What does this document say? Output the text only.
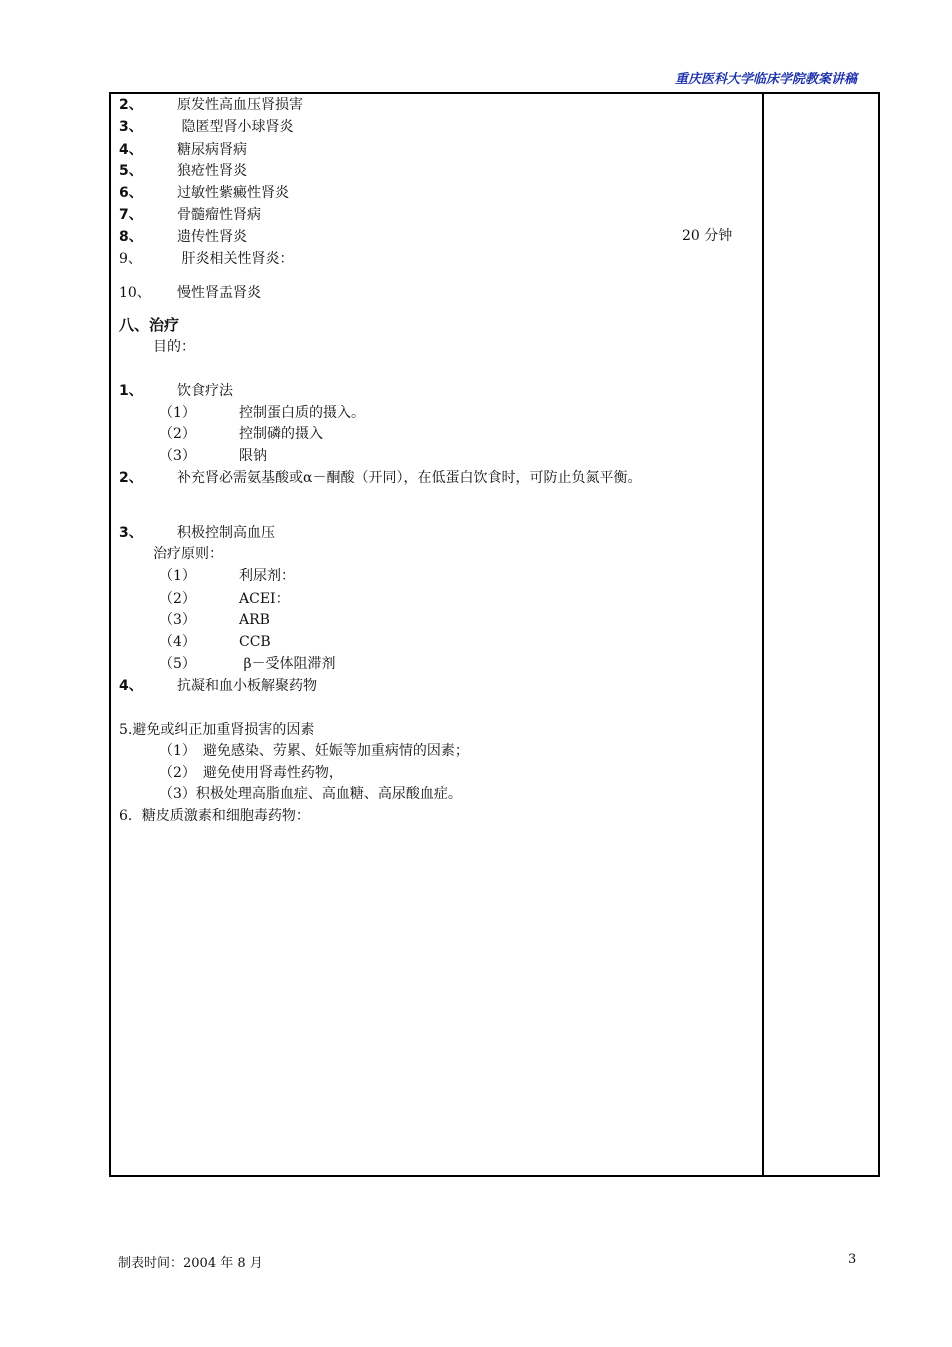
重庆医科大学临床学院教案讲稿
2、 原发性高血压肾损害
3、 隐匿型肾小球肾炎
4、 糖尿病肾病
5、 狼疮性肾炎
6、 过敏性紫癜性肾炎
7、 骨髓瘤性肾病
8、 遗传性肾炎
9、	肝炎相关性肾炎：
10、 慢性肾盂肾炎
八、治疗
目的：
1、 饮食疗法
（1）	控制蛋白质的摄入。
（2）	控制磷的摄入
（3）	限钠
2、 补充肾必需氨基酸或α－酮酸（开同），在低蛋白饮食时，可防止负氮平衡。
3、 积极控制高血压
治疗原则：
（1）	利尿剂：
（2）	ACEI：
（3）	ARB
（4）	CCB
（5）	β－受体阻滞剂
4、 抗凝和血小板解聚药物
5.避免或纠正加重肾损害的因素
（1）　避免感染、劳累、妊娠等加重病情的因素；
（2）　避免使用肾毒性药物，
（3）积极处理高脂血症、高血糖、高尿酸血症。
6．糖皮质激素和细胞毒药物：
20 分钟
制表时间：2004 年 8 月	3
